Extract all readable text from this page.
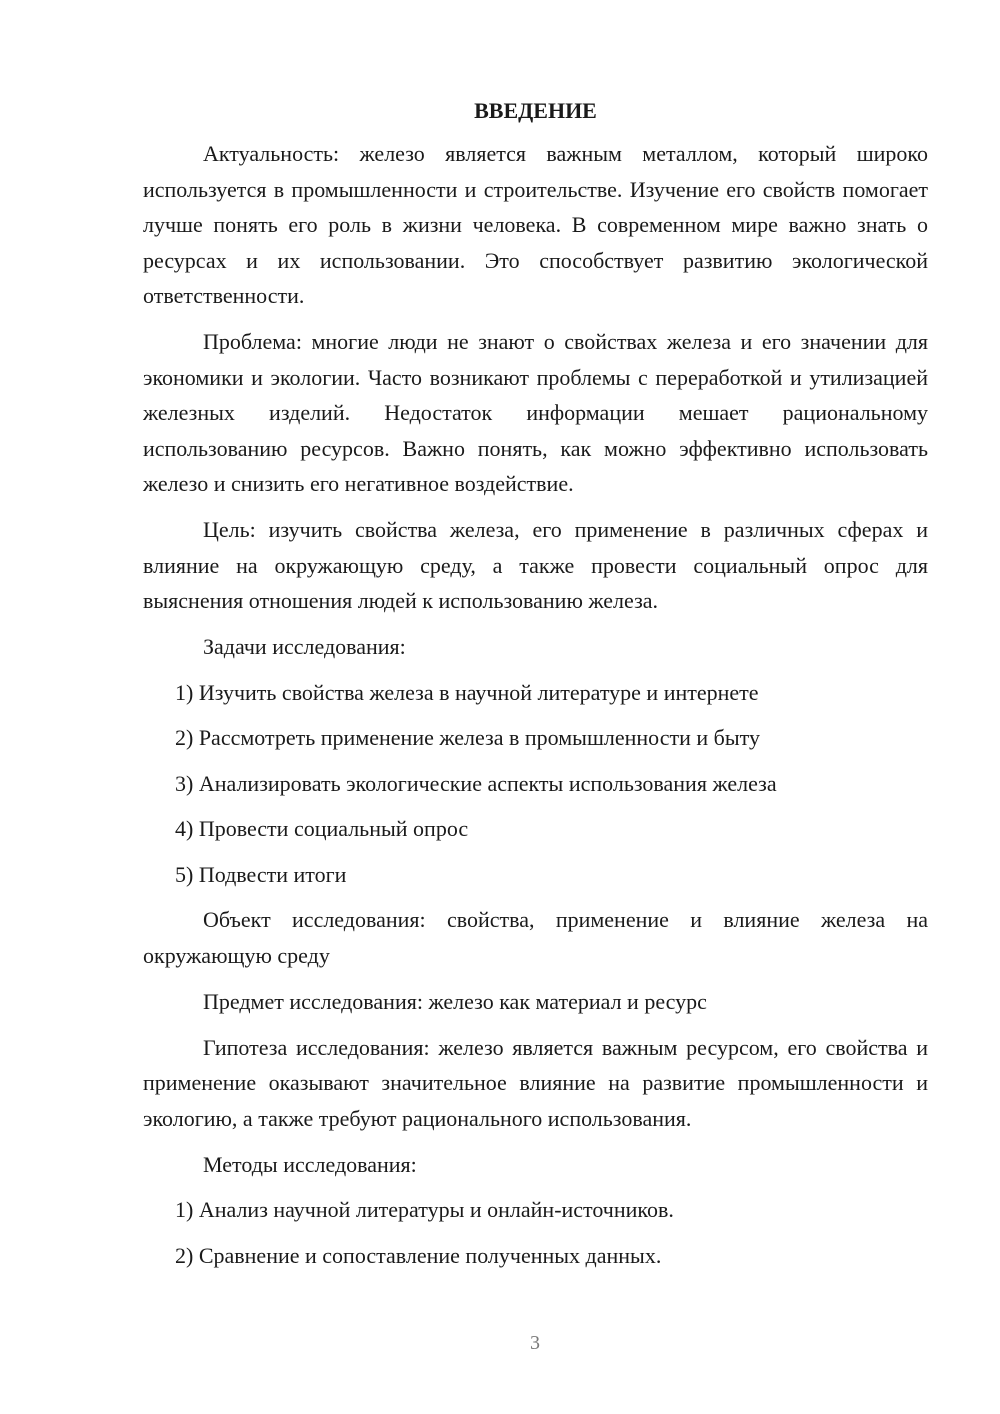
ВВЕДЕНИЕ
Актуальность: железо является важным металлом, который широко используется в промышленности и строительстве. Изучение его свойств помогает лучше понять его роль в жизни человека. В современном мире важно знать о ресурсах и их использовании. Это способствует развитию экологической ответственности.
Проблема: многие люди не знают о свойствах железа и его значении для экономики и экологии. Часто возникают проблемы с переработкой и утилизацией железных изделий. Недостаток информации мешает рациональному использованию ресурсов. Важно понять, как можно эффективно использовать железо и снизить его негативное воздействие.
Цель: изучить свойства железа, его применение в различных сферах и влияние на окружающую среду, а также провести социальный опрос для выяснения отношения людей к использованию железа.
Задачи исследования:
1) Изучить свойства железа в научной литературе и интернете
2) Рассмотреть применение железа в промышленности и быту
3) Анализировать экологические аспекты использования железа
4) Провести социальный опрос
5) Подвести итоги
Объект исследования: свойства, применение и влияние железа на окружающую среду
Предмет исследования: железо как материал и ресурс
Гипотеза исследования: железо является важным ресурсом, его свойства и применение оказывают значительное влияние на развитие промышленности и экологию, а также требуют рационального использования.
Методы исследования:
1) Анализ научной литературы и онлайн-источников.
2) Сравнение и сопоставление полученных данных.
3
